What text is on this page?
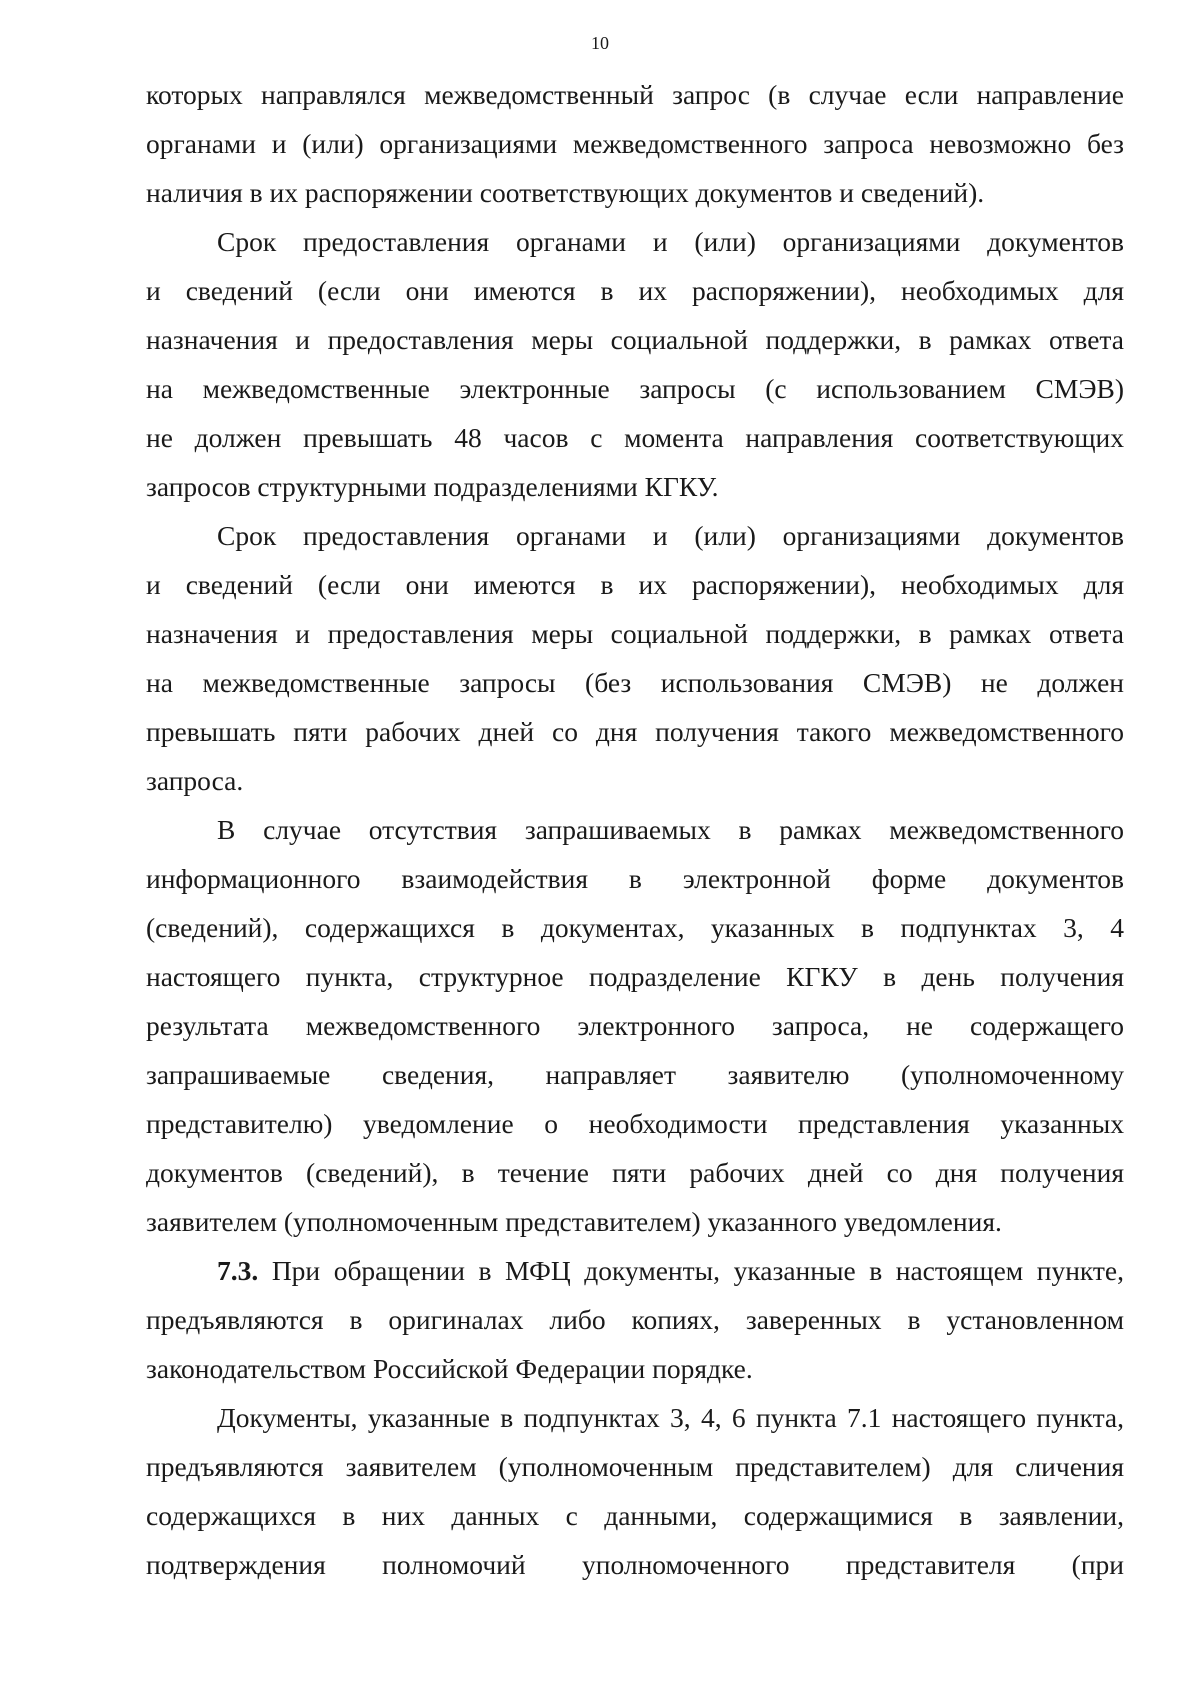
10
которых направлялся межведомственный запрос (в случае если направление
органами и (или) организациями межведомственного запроса невозможно без
наличия в их распоряжении соответствующих документов и сведений).
Срок предоставления органами и (или) организациями документов
и сведений (если они имеются в их распоряжении), необходимых для
назначения и предоставления меры социальной поддержки, в рамках ответа
на межведомственные электронные запросы (с использованием СМЭВ)
не должен превышать 48 часов с момента направления соответствующих
запросов структурными подразделениями КГКУ.
Срок предоставления органами и (или) организациями документов
и сведений (если они имеются в их распоряжении), необходимых для
назначения и предоставления меры социальной поддержки, в рамках ответа
на межведомственные запросы (без использования СМЭВ) не должен
превышать пяти рабочих дней со дня получения такого межведомственного
запроса.
В случае отсутствия запрашиваемых в рамках межведомственного
информационного взаимодействия в электронной форме документов
(сведений), содержащихся в документах, указанных в подпунктах 3, 4
настоящего пункта, структурное подразделение КГКУ в день получения
результата межведомственного электронного запроса, не содержащего
запрашиваемые сведения, направляет заявителю (уполномоченному
представителю) уведомление о необходимости представления указанных
документов (сведений), в течение пяти рабочих дней со дня получения
заявителем (уполномоченным представителем) указанного уведомления.
7.3. При обращении в МФЦ документы, указанные в настоящем пункте,
предъявляются в оригиналах либо копиях, заверенных в установленном
законодательством Российской Федерации порядке.
Документы, указанные в подпунктах 3, 4, 6 пункта 7.1 настоящего пункта,
предъявляются заявителем (уполномоченным представителем) для сличения
содержащихся в них данных с данными, содержащимися в заявлении,
подтверждения полномочий уполномоченного представителя (при
